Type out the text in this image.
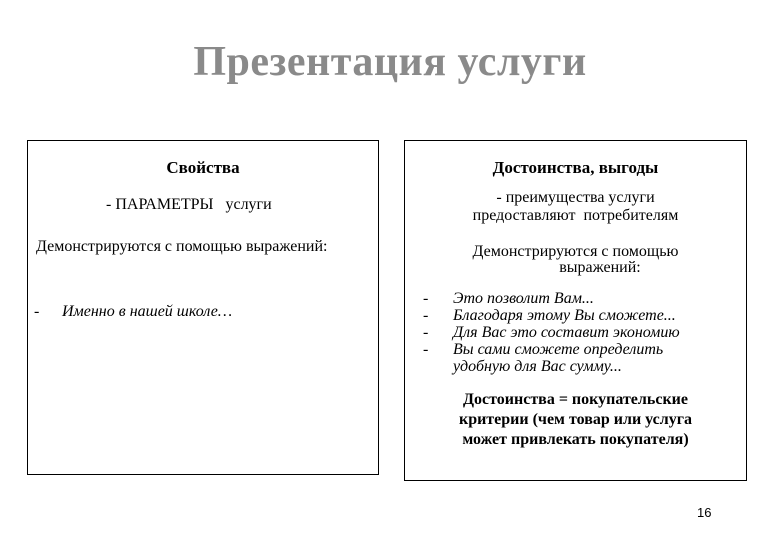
Презентация услуги
Свойства
- ПАРАМЕТРЫ   услуги
Демонстрируются с помощью выражений:
- Именно в нашей школе…
Достоинства, выгоды
- преимущества услуги
предоставляют  потребителям
Демонстрируются с помощью
выражений:
- Это позволит Вам...
- Благодаря этому Вы сможете...
- Для Вас это составит экономию
- Вы сами сможете определить
удобную для Вас сумму...
Достоинства = покупательские
критерии (чем товар или услуга
может привлекать покупателя)
16
